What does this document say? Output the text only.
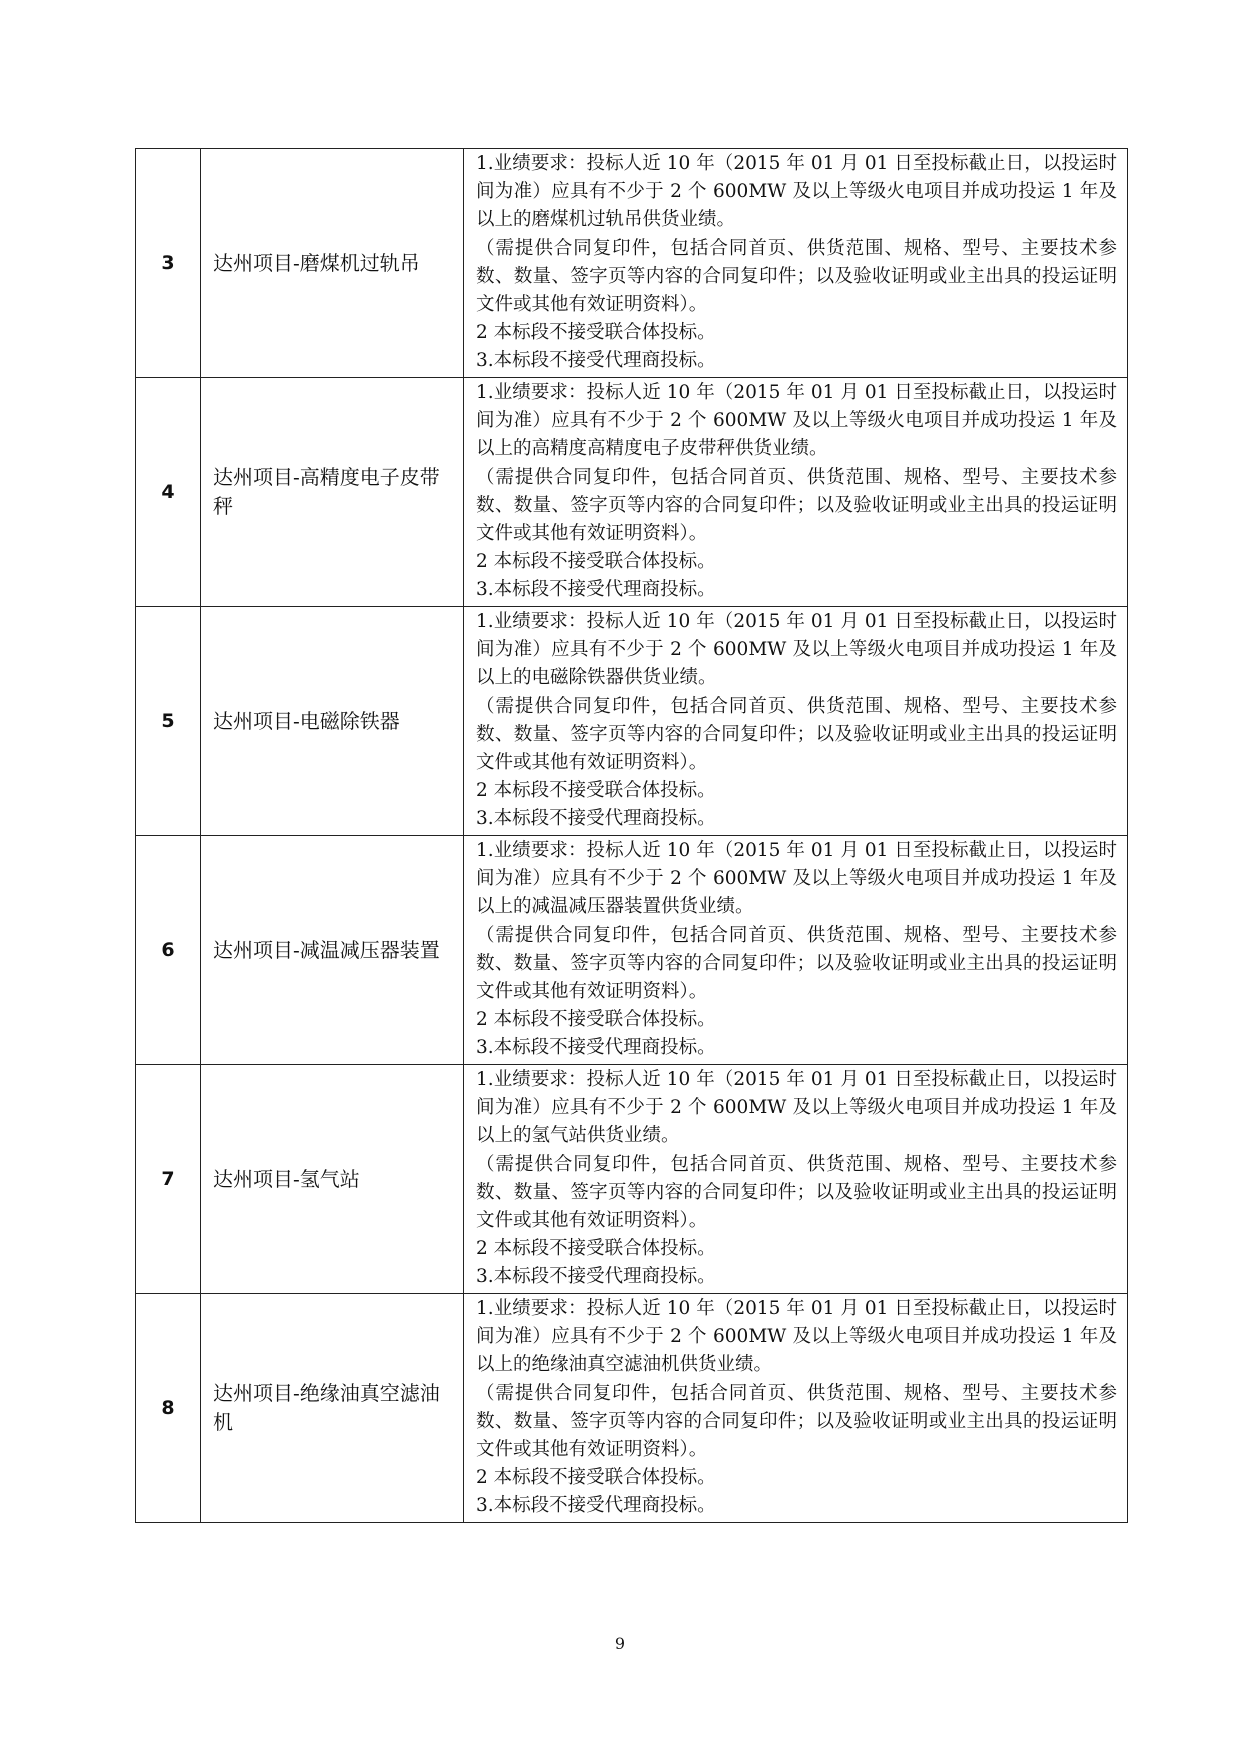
3	达州项目-磨煤机过轨吊	1.业绩要求：投标人近 10 年（2015 年 01 月 01 日至投标截止日，以投运时间为准）应具有不少于 2 个 600MW 及以上等级火电项目并成功投运 1 年及以上的磨煤机过轨吊供货业绩。

（需提供合同复印件，包括合同首页、供货范围、规格、型号、主要技术参数、数量、签字页等内容的合同复印件；以及验收证明或业主出具的投运证明文件或其他有效证明资料）。

2 本标段不接受联合体投标。

3.本标段不接受代理商投标。

4	达州项目-高精度电子皮带秤	1.业绩要求：投标人近 10 年（2015 年 01 月 01 日至投标截止日，以投运时间为准）应具有不少于 2 个 600MW 及以上等级火电项目并成功投运 1 年及以上的高精度高精度电子皮带秤供货业绩。

（需提供合同复印件，包括合同首页、供货范围、规格、型号、主要技术参数、数量、签字页等内容的合同复印件；以及验收证明或业主出具的投运证明文件或其他有效证明资料）。

2 本标段不接受联合体投标。

3.本标段不接受代理商投标。

5	达州项目-电磁除铁器	1.业绩要求：投标人近 10 年（2015 年 01 月 01 日至投标截止日，以投运时间为准）应具有不少于 2 个 600MW 及以上等级火电项目并成功投运 1 年及以上的电磁除铁器供货业绩。

（需提供合同复印件，包括合同首页、供货范围、规格、型号、主要技术参数、数量、签字页等内容的合同复印件；以及验收证明或业主出具的投运证明文件或其他有效证明资料）。

2 本标段不接受联合体投标。

3.本标段不接受代理商投标。

6	达州项目-减温减压器装置	1.业绩要求：投标人近 10 年（2015 年 01 月 01 日至投标截止日，以投运时间为准）应具有不少于 2 个 600MW 及以上等级火电项目并成功投运 1 年及以上的减温减压器装置供货业绩。

（需提供合同复印件，包括合同首页、供货范围、规格、型号、主要技术参数、数量、签字页等内容的合同复印件；以及验收证明或业主出具的投运证明文件或其他有效证明资料）。

2 本标段不接受联合体投标。

3.本标段不接受代理商投标。

7	达州项目-氢气站	1.业绩要求：投标人近 10 年（2015 年 01 月 01 日至投标截止日，以投运时间为准）应具有不少于 2 个 600MW 及以上等级火电项目并成功投运 1 年及以上的氢气站供货业绩。

（需提供合同复印件，包括合同首页、供货范围、规格、型号、主要技术参数、数量、签字页等内容的合同复印件；以及验收证明或业主出具的投运证明文件或其他有效证明资料）。

2 本标段不接受联合体投标。

3.本标段不接受代理商投标。

8	达州项目-绝缘油真空滤油机	1.业绩要求：投标人近 10 年（2015 年 01 月 01 日至投标截止日，以投运时间为准）应具有不少于 2 个 600MW 及以上等级火电项目并成功投运 1 年及以上的绝缘油真空滤油机供货业绩。

（需提供合同复印件，包括合同首页、供货范围、规格、型号、主要技术参数、数量、签字页等内容的合同复印件；以及验收证明或业主出具的投运证明文件或其他有效证明资料）。

2 本标段不接受联合体投标。

3.本标段不接受代理商投标。

9
